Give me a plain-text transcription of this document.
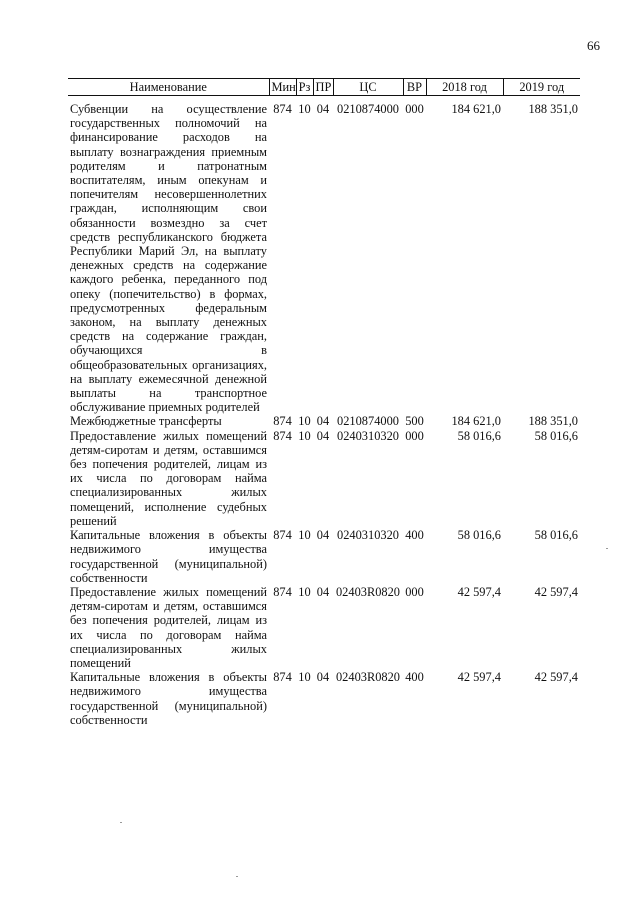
66
Наименование	Мин	Рз	ПР	ЦС	ВР	2018 год	2019 год
Субвенции на осуществление государственных полномочий на финансирование расходов на выплату вознаграждения приемным родителям и патронатным воспитателям, иным опекунам и попечителям несовершеннолетних граждан, исполняющим свои обязанности возмездно за счет средств республиканского бюджета Республики Марий Эл, на выплату денежных средств на содержание каждого ребенка, переданного под опеку (попечительство) в формах, предусмотренных федеральным законом, на выплату денежных средств на содержание граждан, обучающихся в общеобразовательных организациях, на выплату ежемесячной денежной выплаты на транспортное обслуживание приемных родителей	874	10	04	0210874000	000	184 621,0	188 351,0
Межбюджетные трансферты	874	10	04	0210874000	500	184 621,0	188 351,0
Предоставление жилых помещений детям-сиротам и детям, оставшимся без попечения родителей, лицам из их числа по договорам найма специализированных жилых помещений, исполнение судебных решений	874	10	04	0240310320	000	58 016,6	58 016,6
Капитальные вложения в объекты недвижимого имущества государственной (муниципальной) собственности	874	10	04	0240310320	400	58 016,6	58 016,6
Предоставление жилых помещений детям-сиротам и детям, оставшимся без попечения родителей, лицам из их числа по договорам найма специализированных жилых помещений	874	10	04	02403R0820	000	42 597,4	42 597,4
Капитальные вложения в объекты недвижимого имущества государственной (муниципальной) собственности	874	10	04	02403R0820	400	42 597,4	42 597,4
